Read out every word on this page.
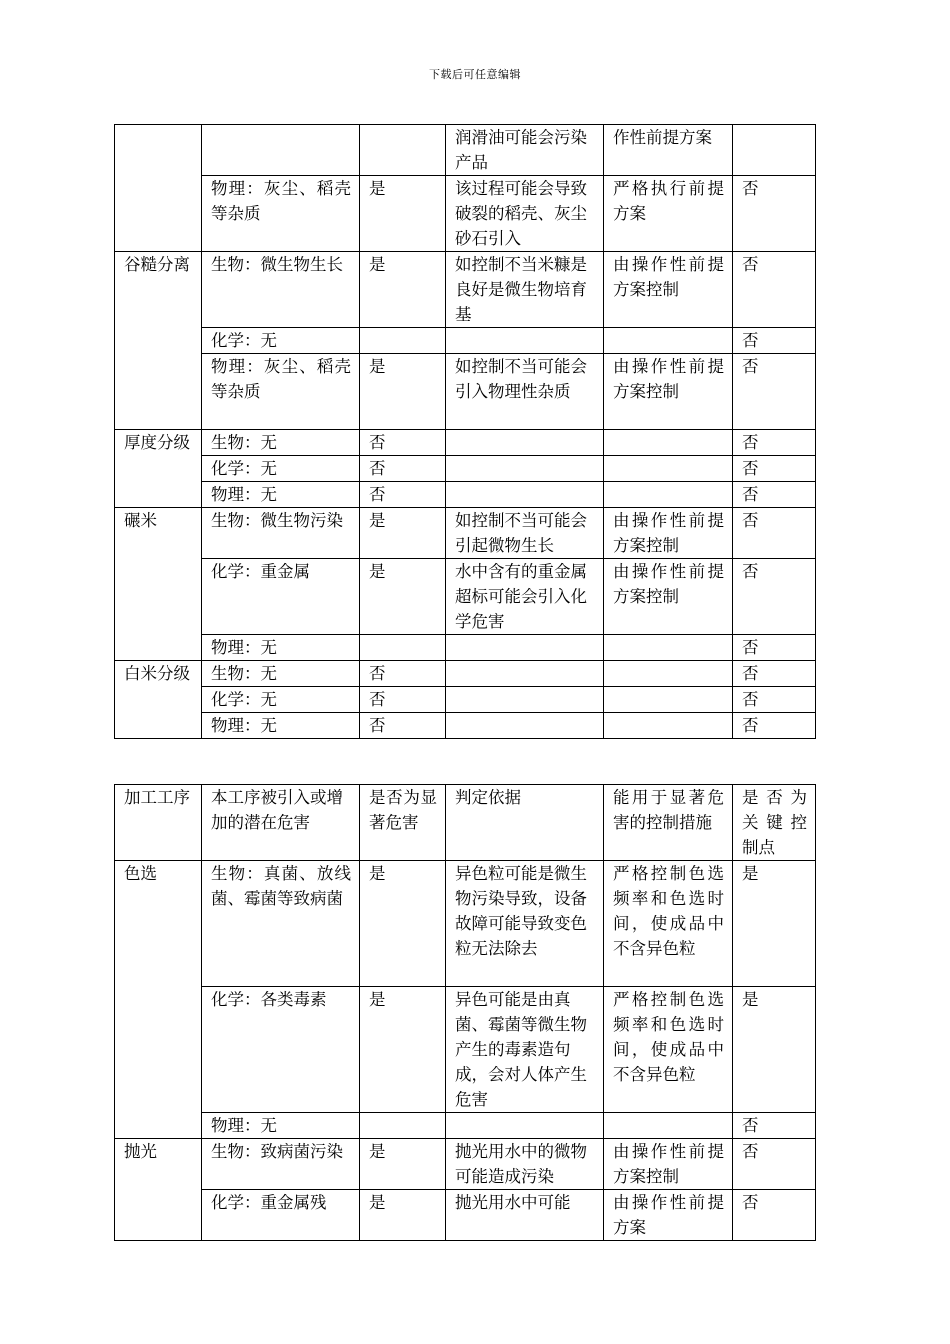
下载后可任意编辑
			润滑油可能会污染产品	作性前提方案	
	物理：灰尘、稻壳等杂质	是	该过程可能会导致破裂的稻壳、灰尘砂石引入	严格执行前提方案	否
谷糙分离	生物：微生物生长	是	如控制不当米糠是良好是微生物培育基	由操作性前提方案控制	否
	化学：无				否
	物理：灰尘、稻壳等杂质	是	如控制不当可能会引入物理性杂质	由操作性前提方案控制	否
厚度分级	生物：无	否			否
	化学：无	否			否
	物理：无	否			否
碾米	生物：微生物污染	是	如控制不当可能会引起微物生长	由操作性前提方案控制	否
	化学：重金属	是	水中含有的重金属超标可能会引入化学危害	由操作性前提方案控制	否
	物理：无				否
白米分级	生物：无	否			否
	化学：无	否			否
	物理：无	否			否
加工工序	本工序被引入或增加的潜在危害	是否为显著危害	判定依据	能用于显著危害的控制措施	是否为关键控制点
色选	生物：真菌、放线菌、霉菌等致病菌	是	异色粒可能是微生物污染导致，设备故障可能导致变色粒无法除去	严格控制色选频率和色选时间，使成品中不含异色粒	是
	化学：各类毒素	是	异色可能是由真菌、霉菌等微生物产生的毒素造句成，会对人体产生危害	严格控制色选频率和色选时间，使成品中不含异色粒	是
	物理：无				否
抛光	生物：致病菌污染	是	抛光用水中的微物可能造成污染	由操作性前提方案控制	否
	化学：重金属残	是	抛光用水中可能	由操作性前提方案	否
